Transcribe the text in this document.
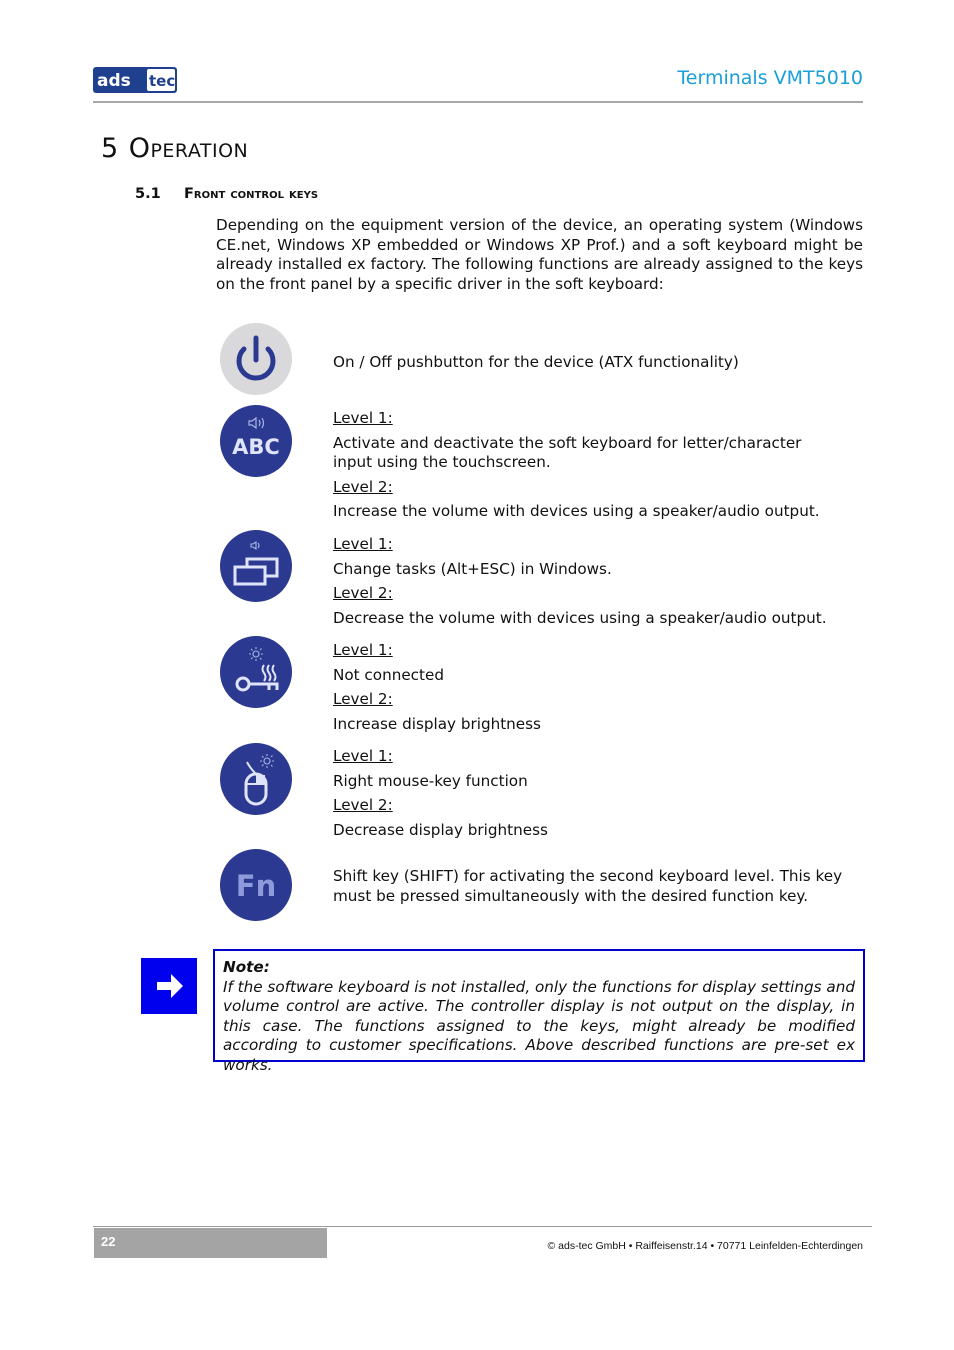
ads tec	Terminals VMT5010
5 Operation
5.1 Front control keys
Depending on the equipment version of the device, an operating system (Windows CE.net, Windows XP embedded or Windows XP Prof.) and a soft keyboard might be already installed ex factory. The following functions are already assigned to the keys on the front panel by a specific driver in the soft keyboard:
On / Off pushbutton for the device (ATX functionality)
ABC
Level 1:
Activate and deactivate the soft keyboard for letter/character input using the touchscreen.
Level 2:
Increase the volume with devices using a speaker/audio output.
Level 1:
Change tasks (Alt+ESC) in Windows.
Level 2:
Decrease the volume with devices using a speaker/audio output.
Level 1:
Not connected
Level 2:
Increase display brightness
Level 1:
Right mouse-key function
Level 2:
Decrease display brightness
Fn	Shift key (SHIFT) for activating the second keyboard level. This key must be pressed simultaneously with the desired function key.
Note:
If the software keyboard is not installed, only the functions for display settings and volume control are active. The controller display is not output on the display, in this case. The functions assigned to the keys, might already be modified according to customer specifications. Above described functions are pre-set ex works.
22	© ads-tec GmbH • Raiffeisenstr.14 • 70771 Leinfelden-Echterdingen
